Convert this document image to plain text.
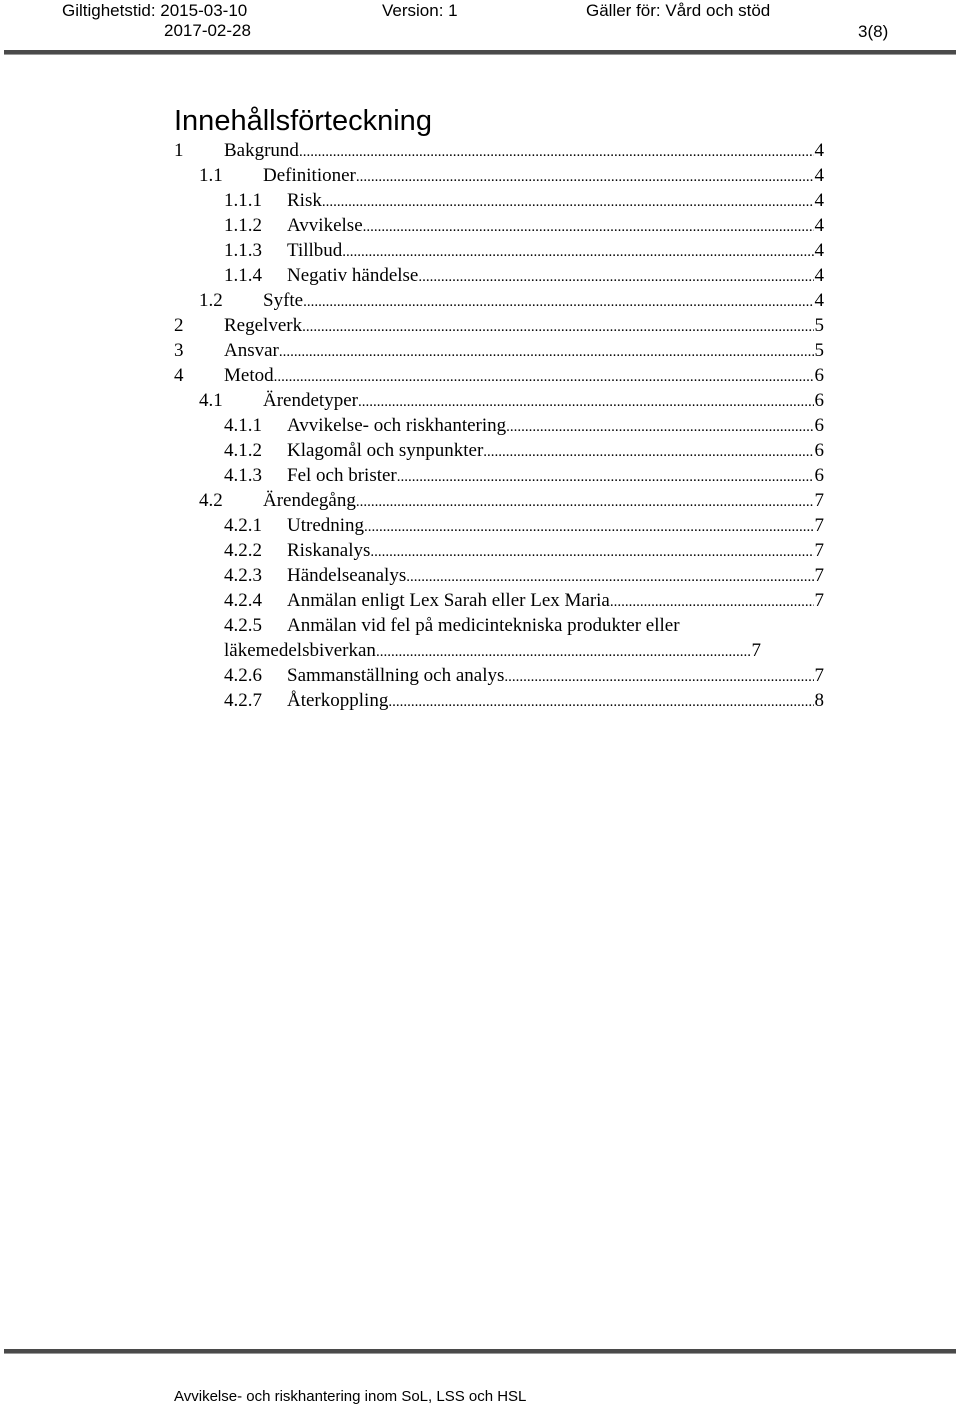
Giltighetstid: 2015-03-10
2017-02-28
Version: 1	Gäller för: Vård och stöd
3(8)
Innehållsförteckning
1 Bakgrund .....	4
1.1 Definitioner .....	4
1.1.1 Risk .....	4
1.1.2 Avvikelse .....	4
1.1.3 Tillbud .....	4
1.1.4 Negativ händelse .....	4
1.2 Syfte .....	4
2 Regelverk .....	5
3 Ansvar .....	5
4 Metod .....	6
4.1 Ärendetyper .....	6
4.1.1 Avvikelse- och riskhantering .....	6
4.1.2 Klagomål och synpunkter .....	6
4.1.3 Fel och brister .....	6
4.2 Ärendegång .....	7
4.2.1 Utredning .....	7
4.2.2 Riskanalys .....	7
4.2.3 Händelseanalys .....	7
4.2.4 Anmälan enligt Lex Sarah eller Lex Maria .....	7
4.2.5 Anmälan vid fel på medicintekniska produkter eller
läkemedelsbiverkan .....	7
4.2.6 Sammanställning och analys .....	7
4.2.7 Återkoppling .....	8
Avvikelse- och riskhantering inom SoL, LSS och HSL
